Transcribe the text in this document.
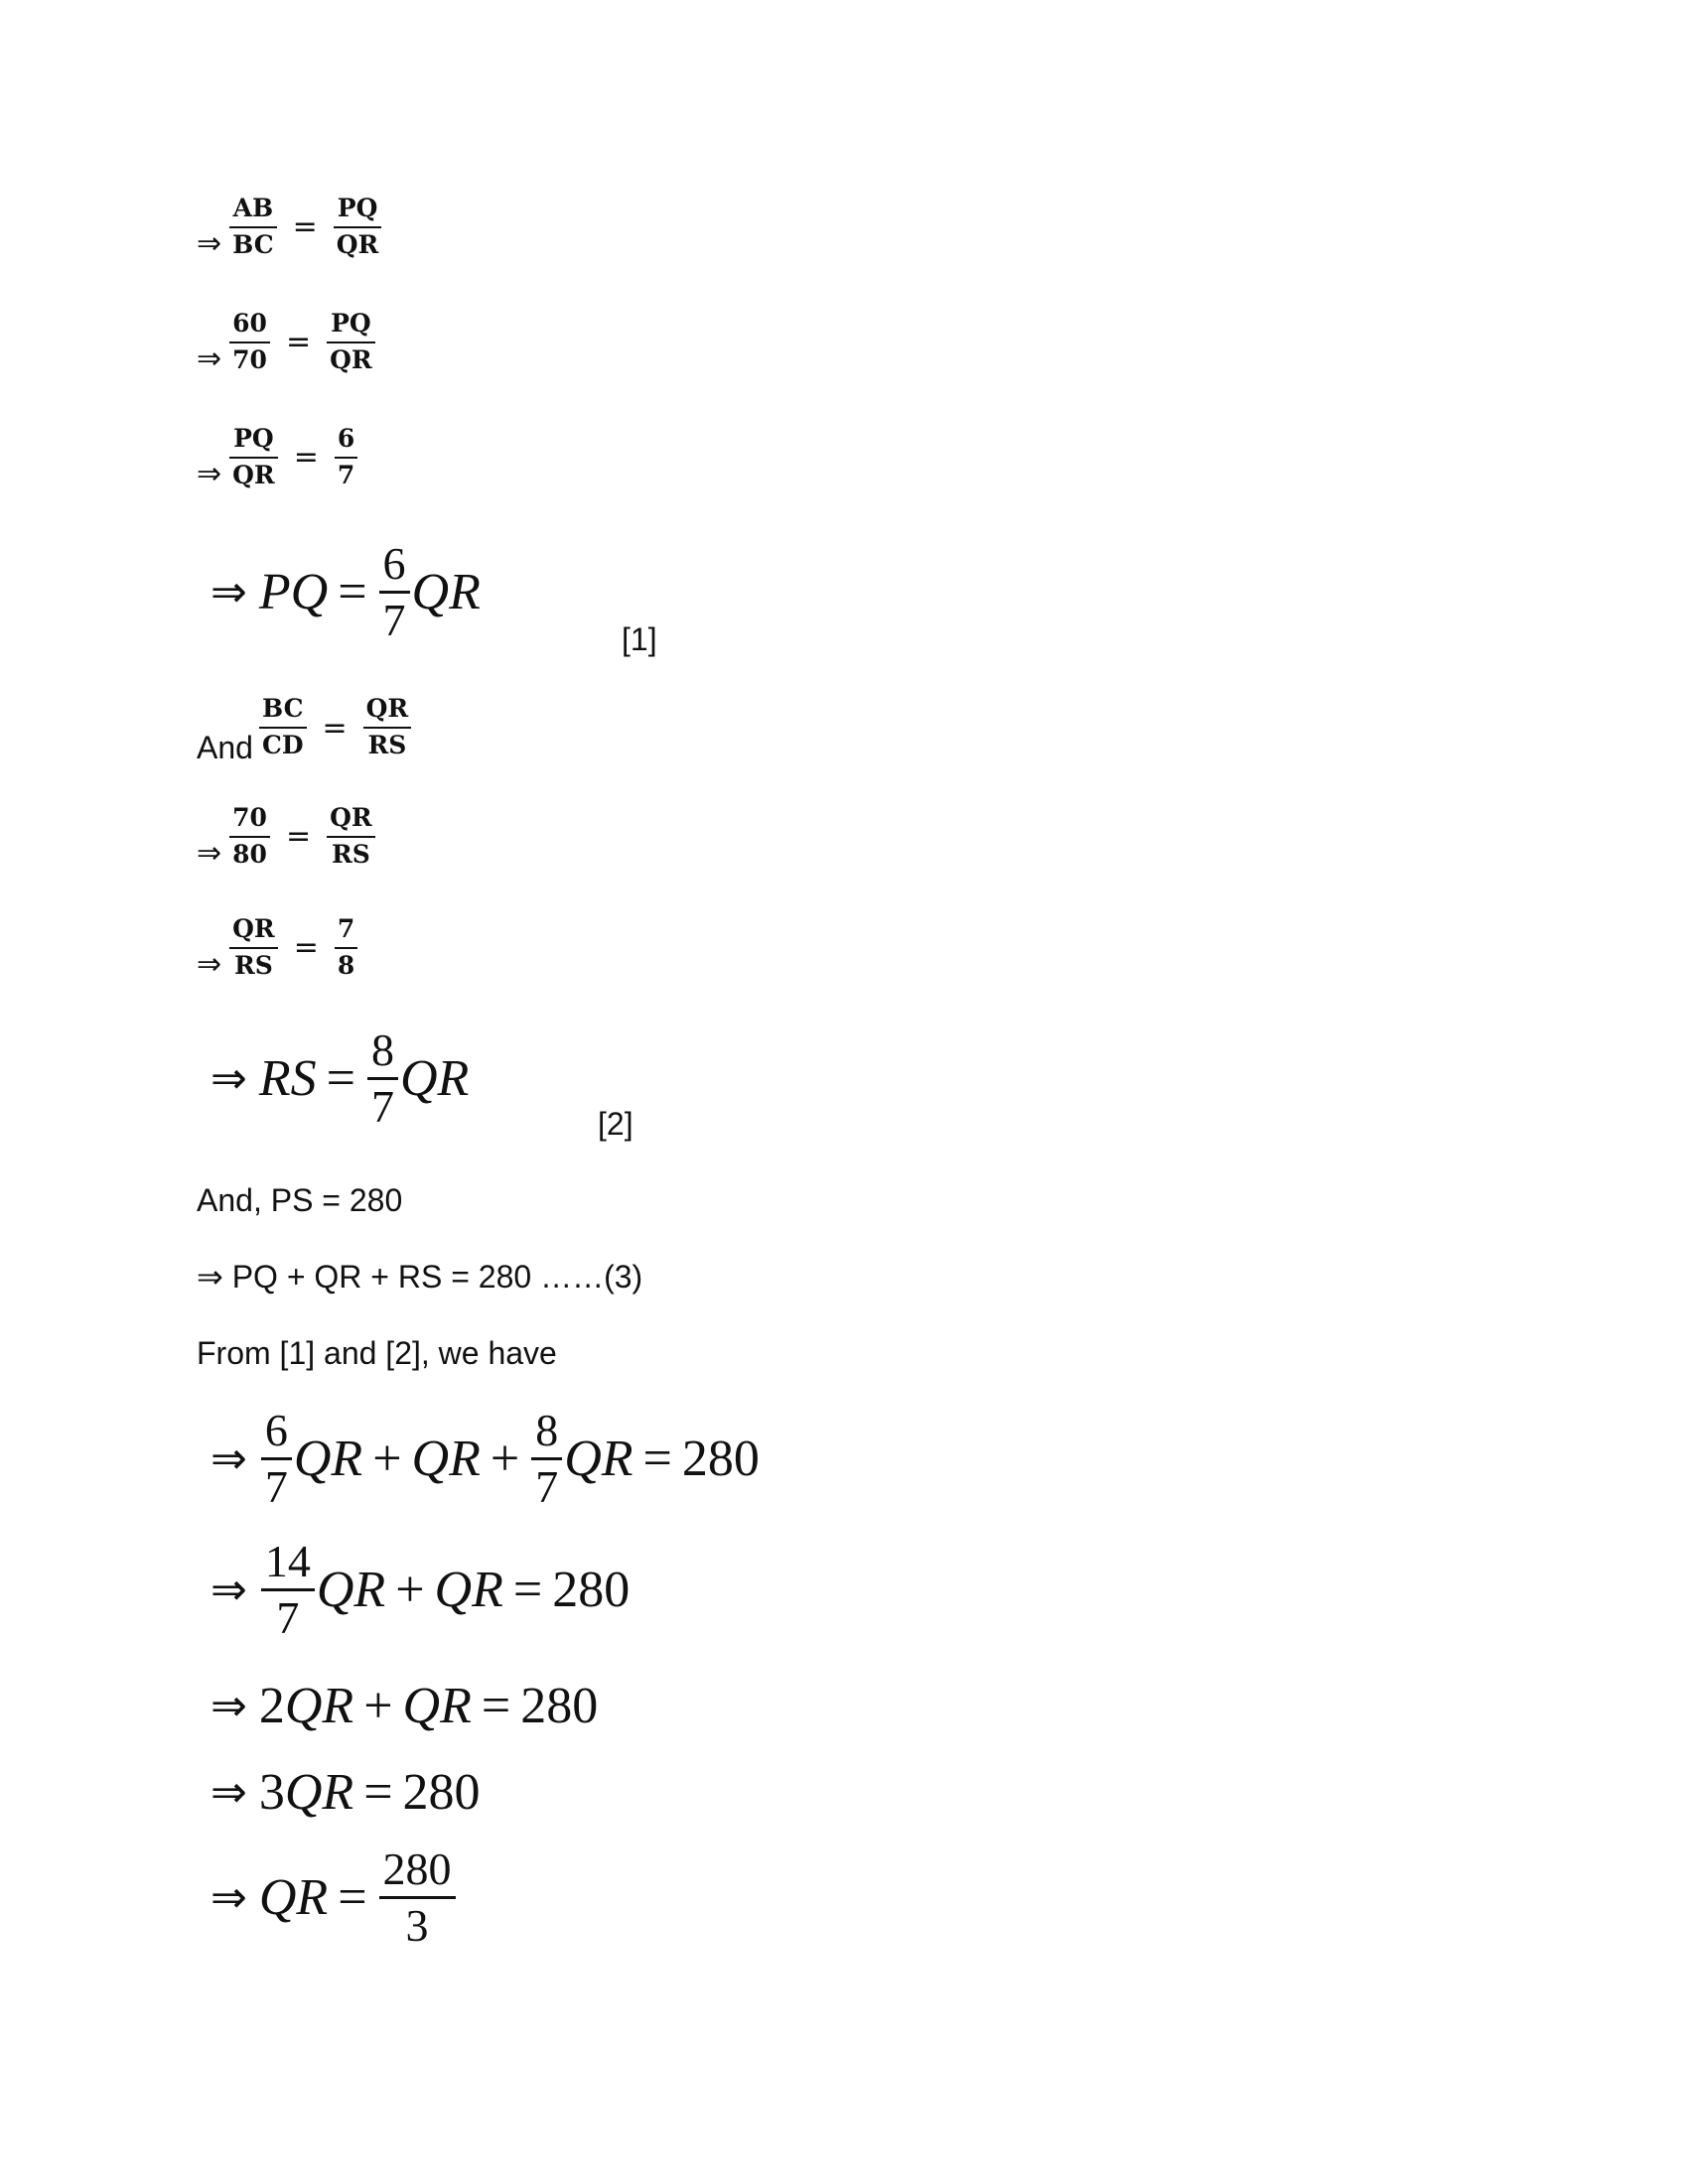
⇒ $\frac{AB}{BC} = \frac{PQ}{QR}$
⇒ $\frac{60}{70} = \frac{PQ}{QR}$
⇒ $\frac{PQ}{QR} = \frac{6}{7}$
⇒ PQ = 6
7 QR
[1]
And $\frac{BC}{CD} = \frac{QR}{RS}$
⇒ $\frac{70}{80} = \frac{QR}{RS}$
⇒ $\frac{QR}{RS} = \frac{7}{8}$
⇒ RS = 8
7 QR
[2]
And, PS = 280
⇒ PQ + QR + RS = 280 ……(3)
From [1] and [2], we have
⇒
6
7 QR + QR + 8
7 QR = 280
⇒
14
7 QR + QR = 280
⇒ 2 QR + QR = 280
⇒ 3 QR = 280
⇒ QR = 280
3
